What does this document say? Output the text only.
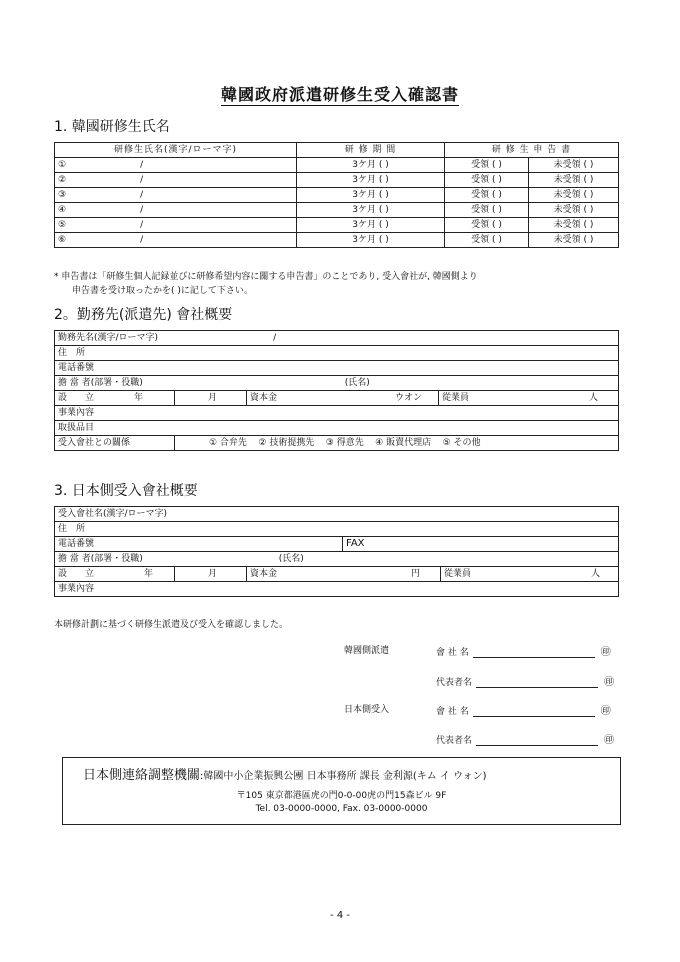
韓國政府派遣研修生受入確認書
1. 韓國研修生氏名
研修生氏名(漢字/ローマ字)	研 修 期 間	研 修 生 申 告 書	
① /	3ケ月 ( )	受領 ( )	未受領 ( )
② /	3ケ月 ( )	受領 ( )	未受領 ( )
③ /	3ケ月 ( )	受領 ( )	未受領 ( )
④ /	3ケ月 ( )	受領 ( )	未受領 ( )
⑤ /	3ケ月 ( )	受領 ( )	未受領 ( )
⑥ /	3ケ月 ( )	受領 ( )	未受領 ( )
* 申告書は「研修生個人記録並びに研修希望内容に關する申告書」のことであり, 受入會社が, 韓國側より
申告書を受け取ったかを( )に記して下さい。
2。勤務先(派遣先) 會社概要
勤務先名(漢字/ローマ字) /			
住　所			
電話番號			
擔 當 者(部署・役職) (氏名)			
設　　立 年	月	資本金 ウオン	從業員 人
事業內容			
取扱品目			
受入會社との關係	① 合弁先 ② 技術提携先 ③ 得意先 ④ 販賣代理店 ⑤ その他		
3. 日本側受入會社概要
受入會社名(漢字/ローマ字)				
住　所				
電話番號			FAX	
擔 當 者(部署・役職) (氏名)				
設　　立 年	月	資本金 円		從業員 人
事業內容				
本研修計劃に基づく研修生派遣及び受入を確認しました。
韓國側派遣	會 社 名	㊞
代表者名	㊞
日本側受入	會 社 名	㊞
代表者名	㊞
日本側連絡調整機關:韓國中小企業振興公團 日本事務所 課長 金利源(キム イ ウォン)
〒105 東京都港區虎の門0-0-00虎の門15森ビル 9F
Tel. 03-0000-0000, Fax. 03-0000-0000
- 4 -
